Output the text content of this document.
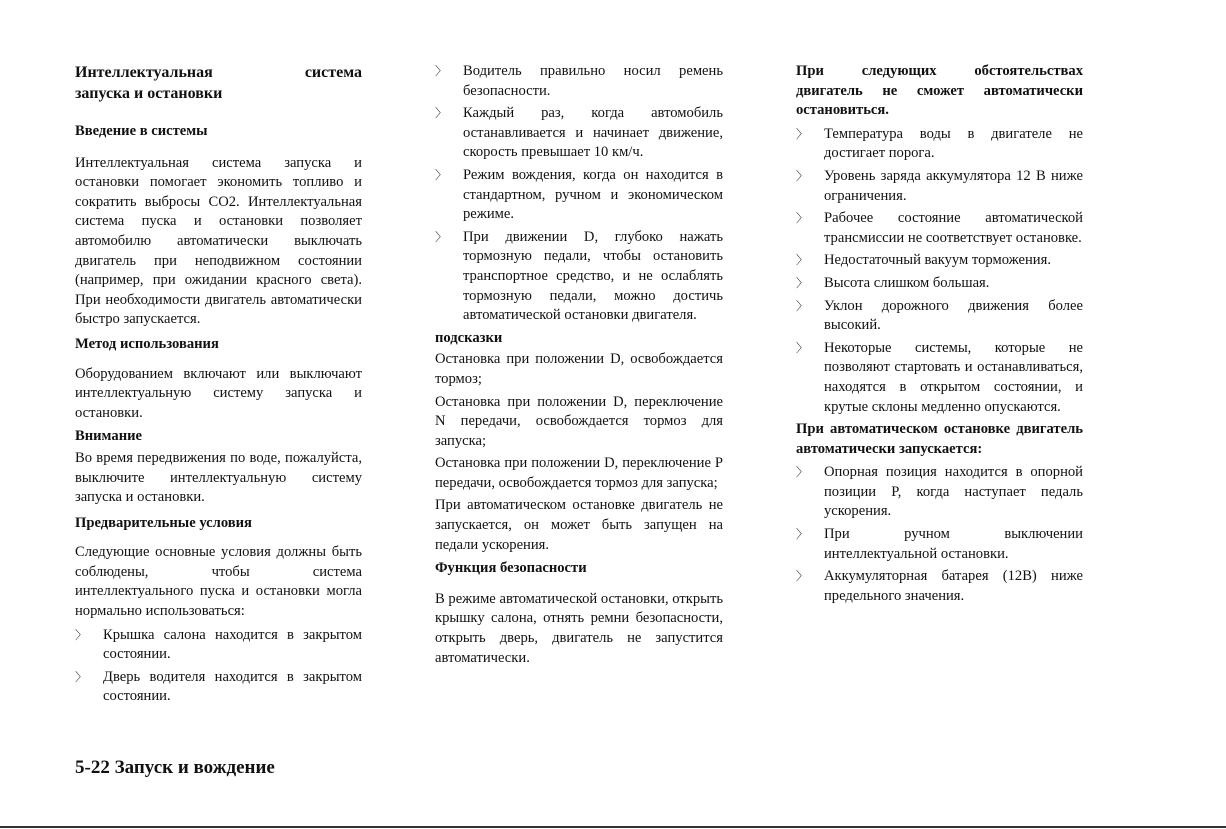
Интеллектуальная	система
запуска и остановки

Введение в системы

Интеллектуальная система запуска и остановки помогает экономить топливо и сократить выбросы CO2. Интеллектуальная система пуска и остановки позволяет автомобилю автоматически выключать двигатель при неподвижном состоянии (например, при ожидании красного света). При необходимости двигатель автоматически быстро запускается.

Метод использования

Оборудованием включают или выключают интеллектуальную систему запуска и остановки.

Внимание

Во время передвижения по воде, пожалуйста, выключите интеллектуальную систему запуска и остановки.

Предварительные условия

Следующие основные условия должны быть соблюдены, чтобы система интеллектуального пуска и остановки могла нормально использоваться:

〉 Крышка салона находится в закрытом состоянии.

〉 Дверь водителя находится в закрытом состоянии.

〉 Водитель правильно носил ремень безопасности.

〉 Каждый раз, когда автомобиль останавливается и начинает движение, скорость превышает 10 км/ч.

〉 Режим вождения, когда он находится в стандартном, ручном и экономическом режиме.

〉 При движении D, глубоко нажать тормозную педали, чтобы остановить транспортное средство, и не ослаблять тормозную педали, можно достичь автоматической остановки двигателя.

подсказки

Остановка при положении D, освобождается тормоз;

Остановка при положении D, переключение N передачи, освобождается тормоз для запуска;

Остановка при положении D, переключение P передачи, освобождается тормоз для запуска;

При автоматическом остановке двигатель не запускается, он может быть запущен на педали ускорения.

Функция безопасности

В режиме автоматической остановки, открыть крышку салона, отнять ремни безопасности, открыть дверь, двигатель не запустится автоматически.

При следующих обстоятельствах двигатель не сможет автоматически остановиться.

〉 Температура воды в двигателе не достигает порога.

〉 Уровень заряда аккумулятора 12 В ниже ограничения.

〉 Рабочее состояние автоматической трансмиссии не соответствует остановке.

〉 Недостаточный вакуум торможения.

〉 Высота слишком большая.

〉 Уклон дорожного движения более высокий.

〉 Некоторые системы, которые не позволяют стартовать и останавливаться, находятся в открытом состоянии, и крутые склоны медленно опускаются.

При автоматическом остановке двигатель автоматически запускается:

〉 Опорная позиция находится в опорной позиции P, когда наступает педаль ускорения.

〉 При ручном выключении интеллектуальной остановки.

〉 Аккумуляторная батарея (12В) ниже предельного значения.

5-22 Запуск и вождение
